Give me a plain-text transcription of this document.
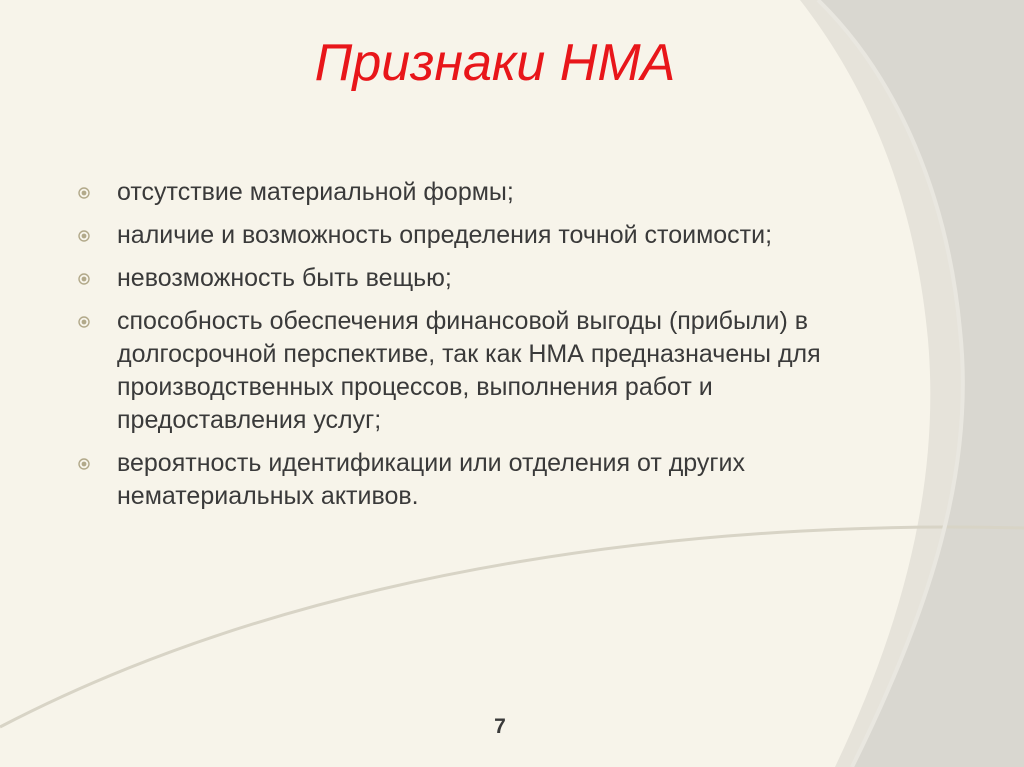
Признаки НМА
отсутствие материальной формы;
наличие и возможность определения точной стоимости;
невозможность быть вещью;
способность обеспечения финансовой выгоды (прибыли) в долгосрочной перспективе, так как НМА предназначены для производственных процессов, выполнения работ и предоставления услуг;
вероятность идентификации или отделения от других нематериальных активов.
7
